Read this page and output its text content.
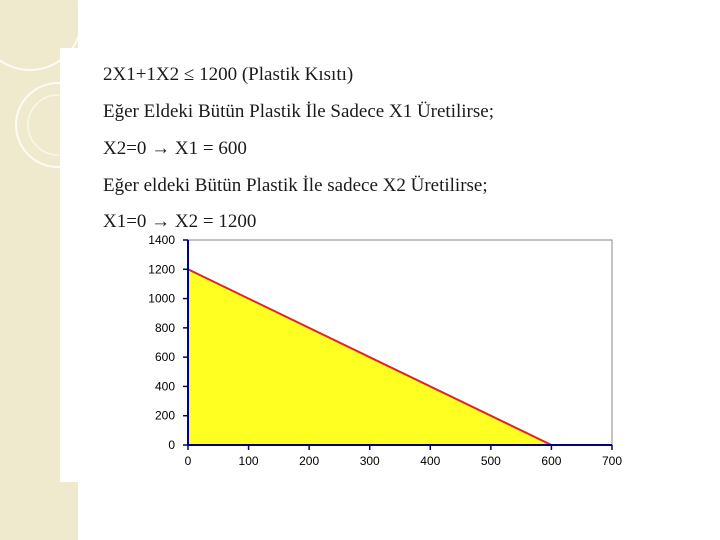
2X1+1X2 ≤ 1200 (Plastik Kısıtı)
Eğer Eldeki Bütün Plastik İle Sadece X1 Üretilirse;
X2=0 → X1 = 600
Eğer eldeki Bütün Plastik İle sadece X2 Üretilirse;
X1=0 → X2 = 1200
0	100	200	300	400	500	600	700
0
200
400
600
800
1000
1200
1400
